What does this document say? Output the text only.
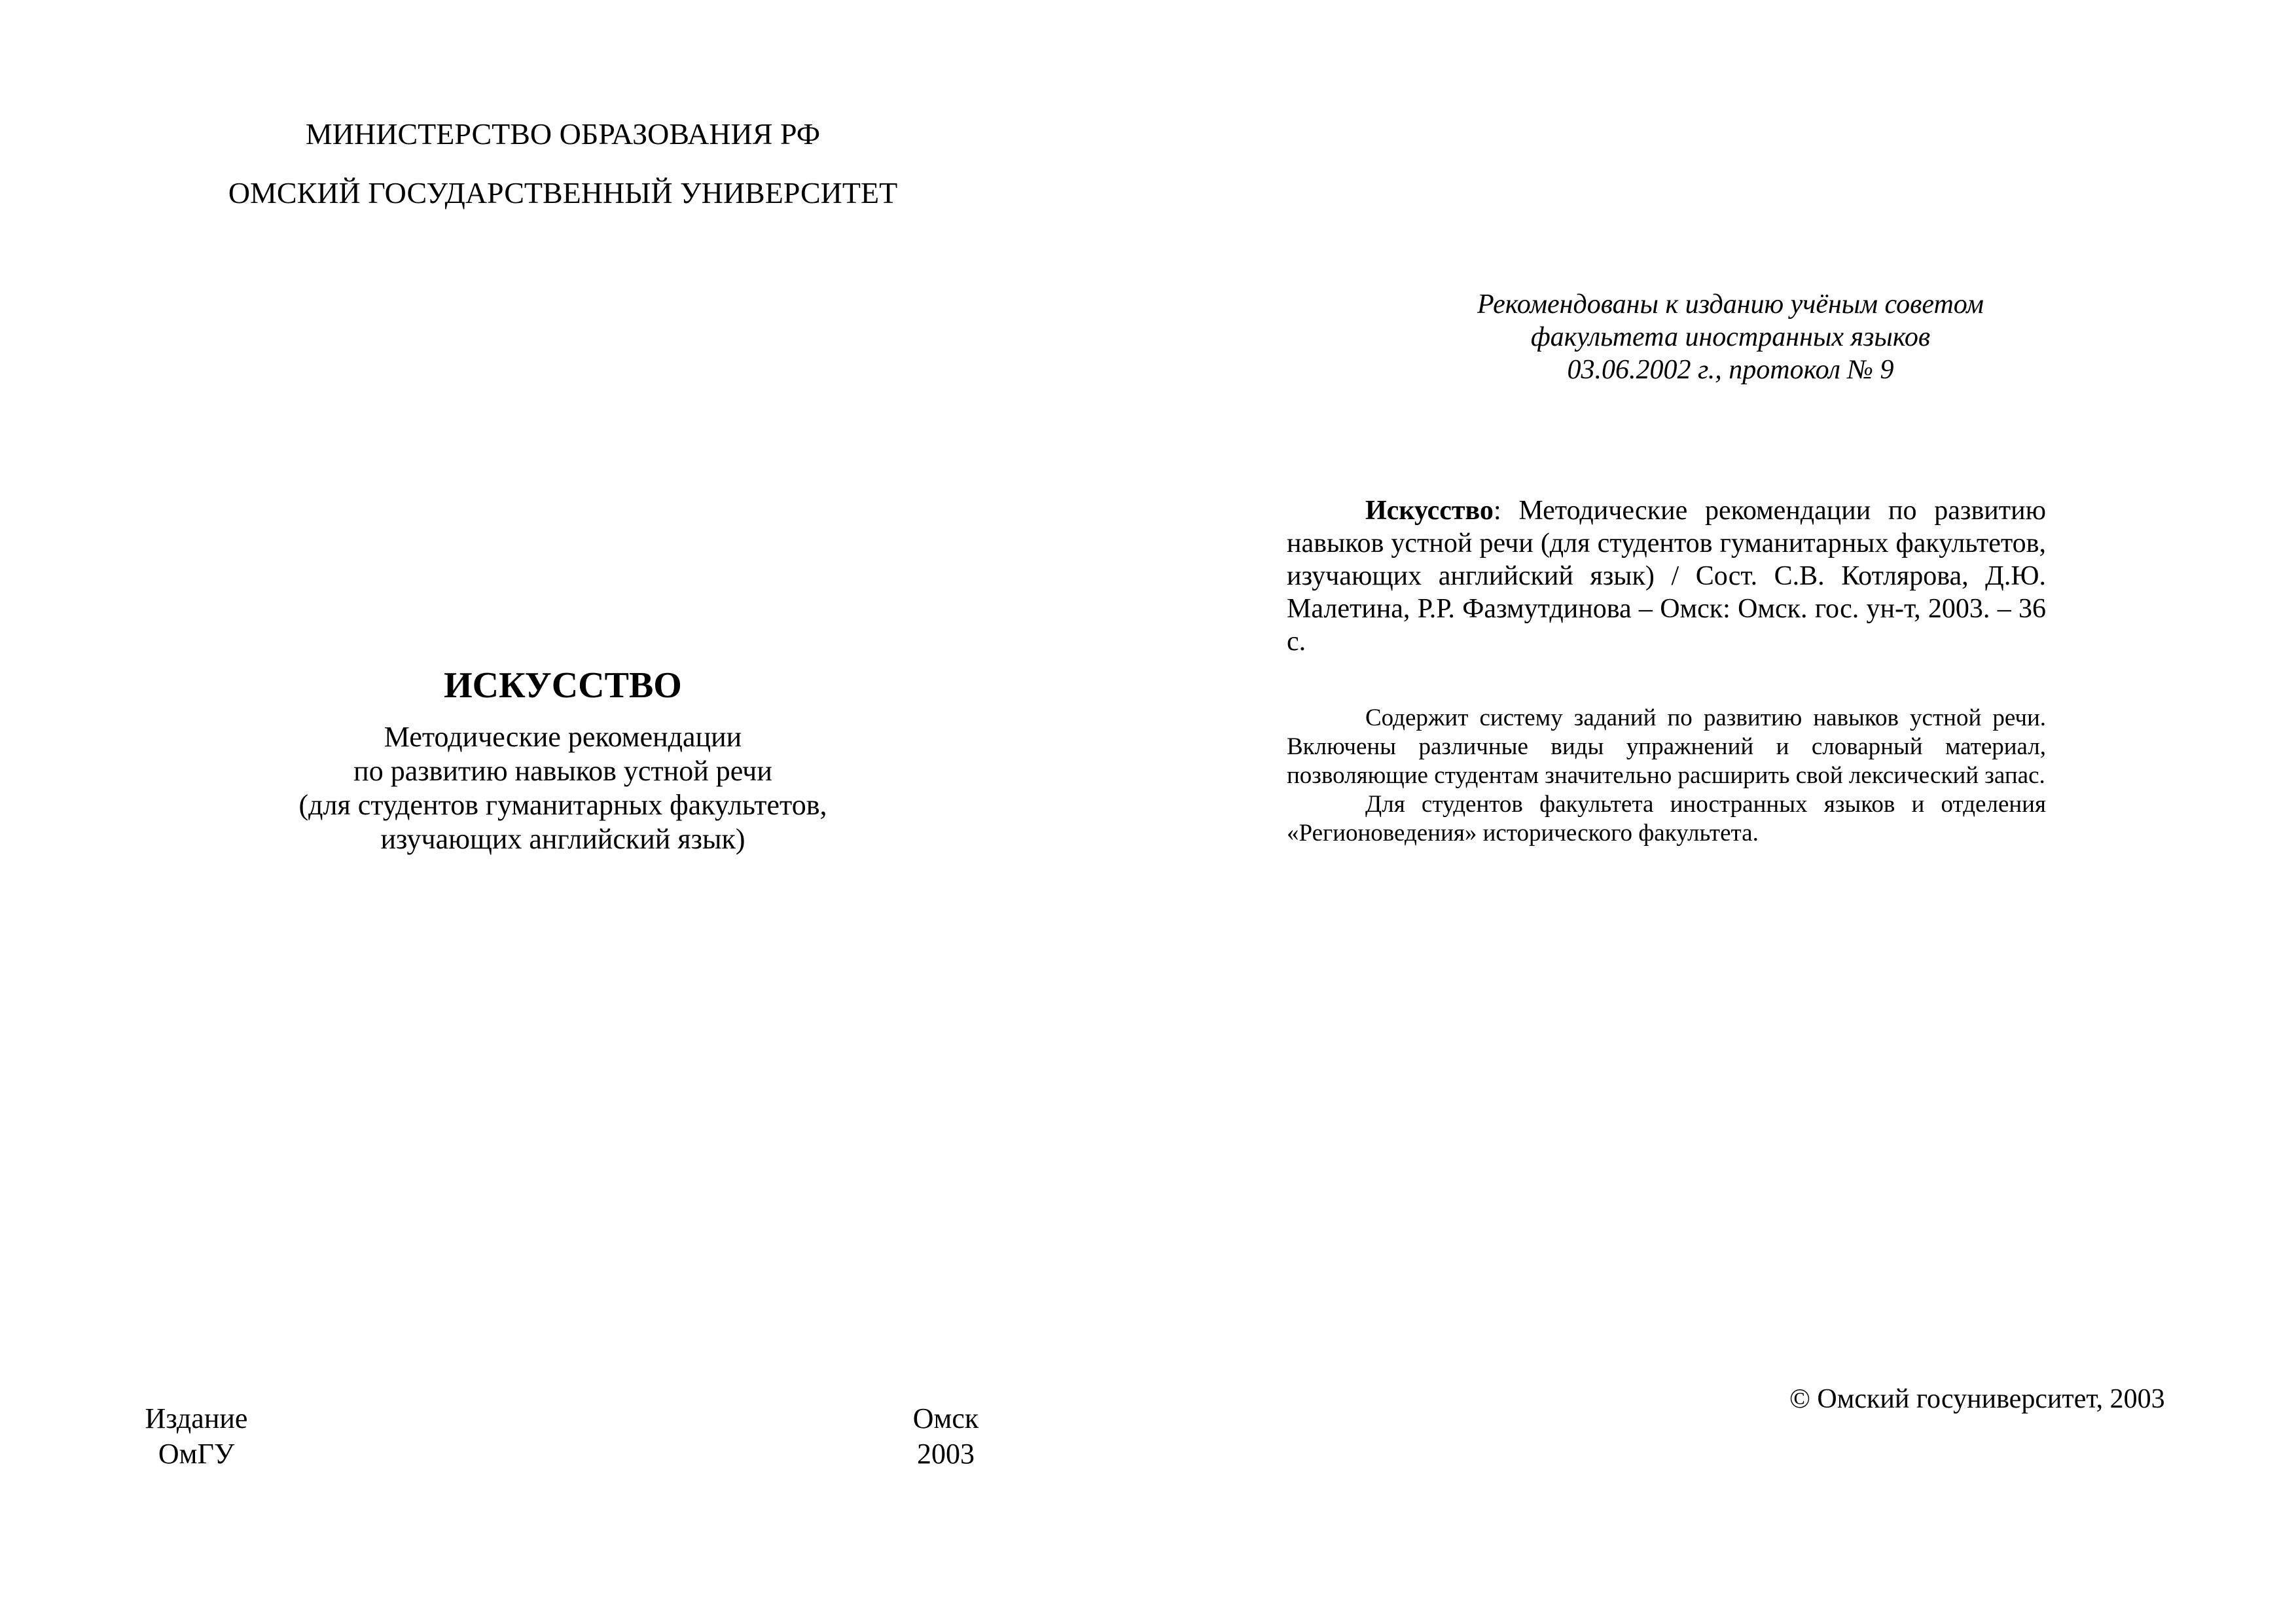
МИНИСТЕРСТВО ОБРАЗОВАНИЯ РФ
ОМСКИЙ ГОСУДАРСТВЕННЫЙ УНИВЕРСИТЕТ
ИСКУССТВО
Методические рекомендации
по развитию навыков устной речи
(для студентов гуманитарных факультетов,
изучающих английский язык)
Издание
ОмГУ
Омск
2003
Рекомендованы к изданию учёным советом
факультета иностранных языков
03.06.2002 г., протокол № 9

Искусство: Методические рекомендации по развитию навыков устной речи (для студентов гуманитарных факультетов, изучающих английский язык) / Сост. С.В. Котлярова, Д.Ю. Малетина, Р.Р. Фазмутдинова – Омск: Омск. гос. ун-т, 2003. – 36 с.

Содержит систему заданий по развитию навыков устной речи. Включены различные виды упражнений и словарный материал, позволяющие студентам значительно расширить свой лексический запас.

Для студентов факультета иностранных языков и отделения «Регионоведения» исторического факультета.

© Омский госуниверситет, 2003
